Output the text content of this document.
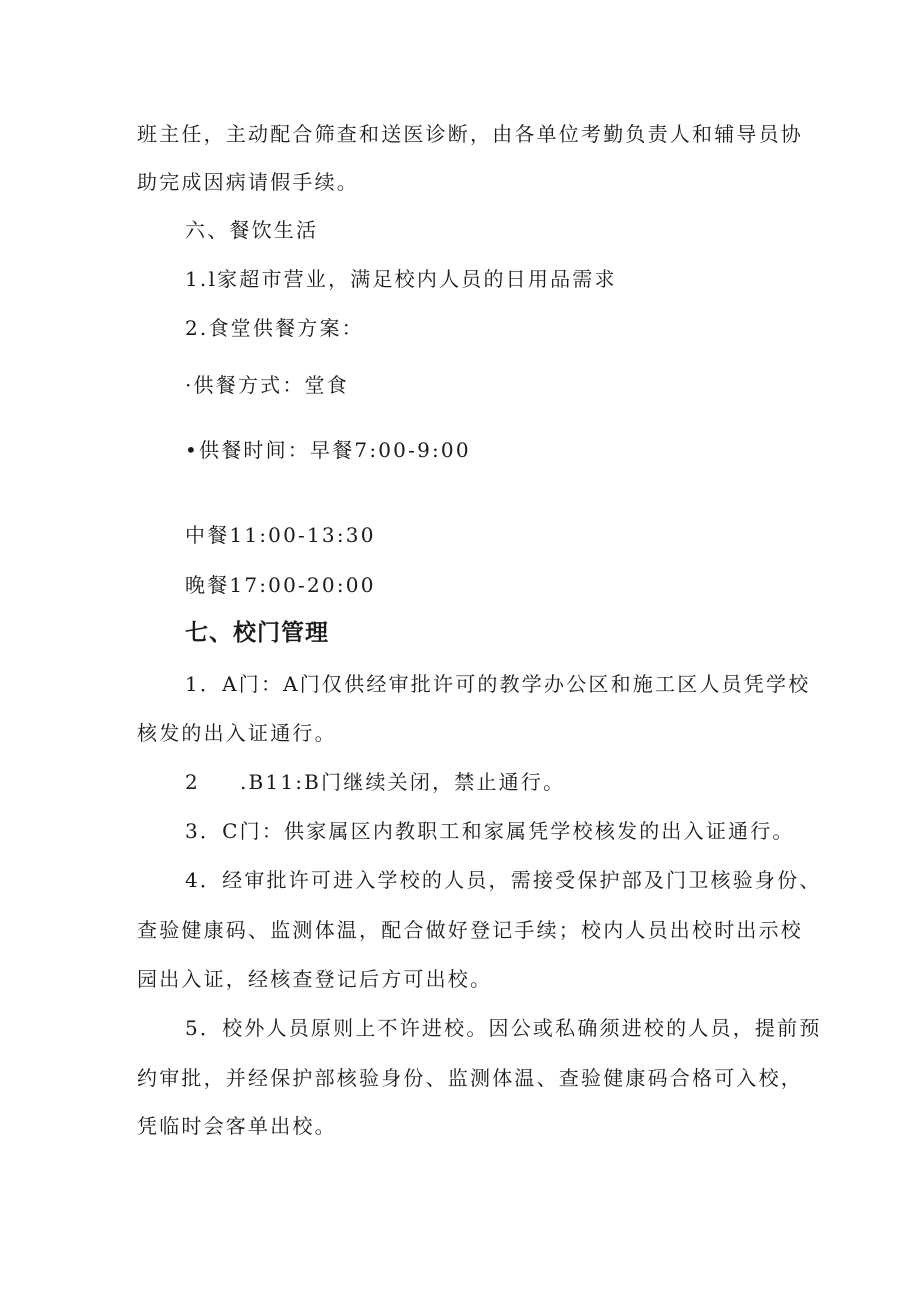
班主任，主动配合筛查和送医诊断，由各单位考勤负责人和辅导员协
助完成因病请假手续。
六、餐饮生活
1.l家超市营业，满足校内人员的日用品需求
2.食堂供餐方案：
·供餐方式：堂食
•供餐时间：早餐7:00-9:00
中餐11:00-13:30
晚餐17:00-20:00
七、校门管理
1．A门：A门仅供经审批许可的教学办公区和施工区人员凭学校
核发的出入证通行。
2 .B11:B门继续关闭，禁止通行。
3．C门：供家属区内教职工和家属凭学校核发的出入证通行。
4．经审批许可进入学校的人员，需接受保护部及门卫核验身份、
查验健康码、监测体温，配合做好登记手续；校内人员出校时出示校
园出入证，经核查登记后方可出校。
5．校外人员原则上不许进校。因公或私确须进校的人员，提前预
约审批，并经保护部核验身份、监测体温、查验健康码合格可入校，
凭临时会客单出校。
